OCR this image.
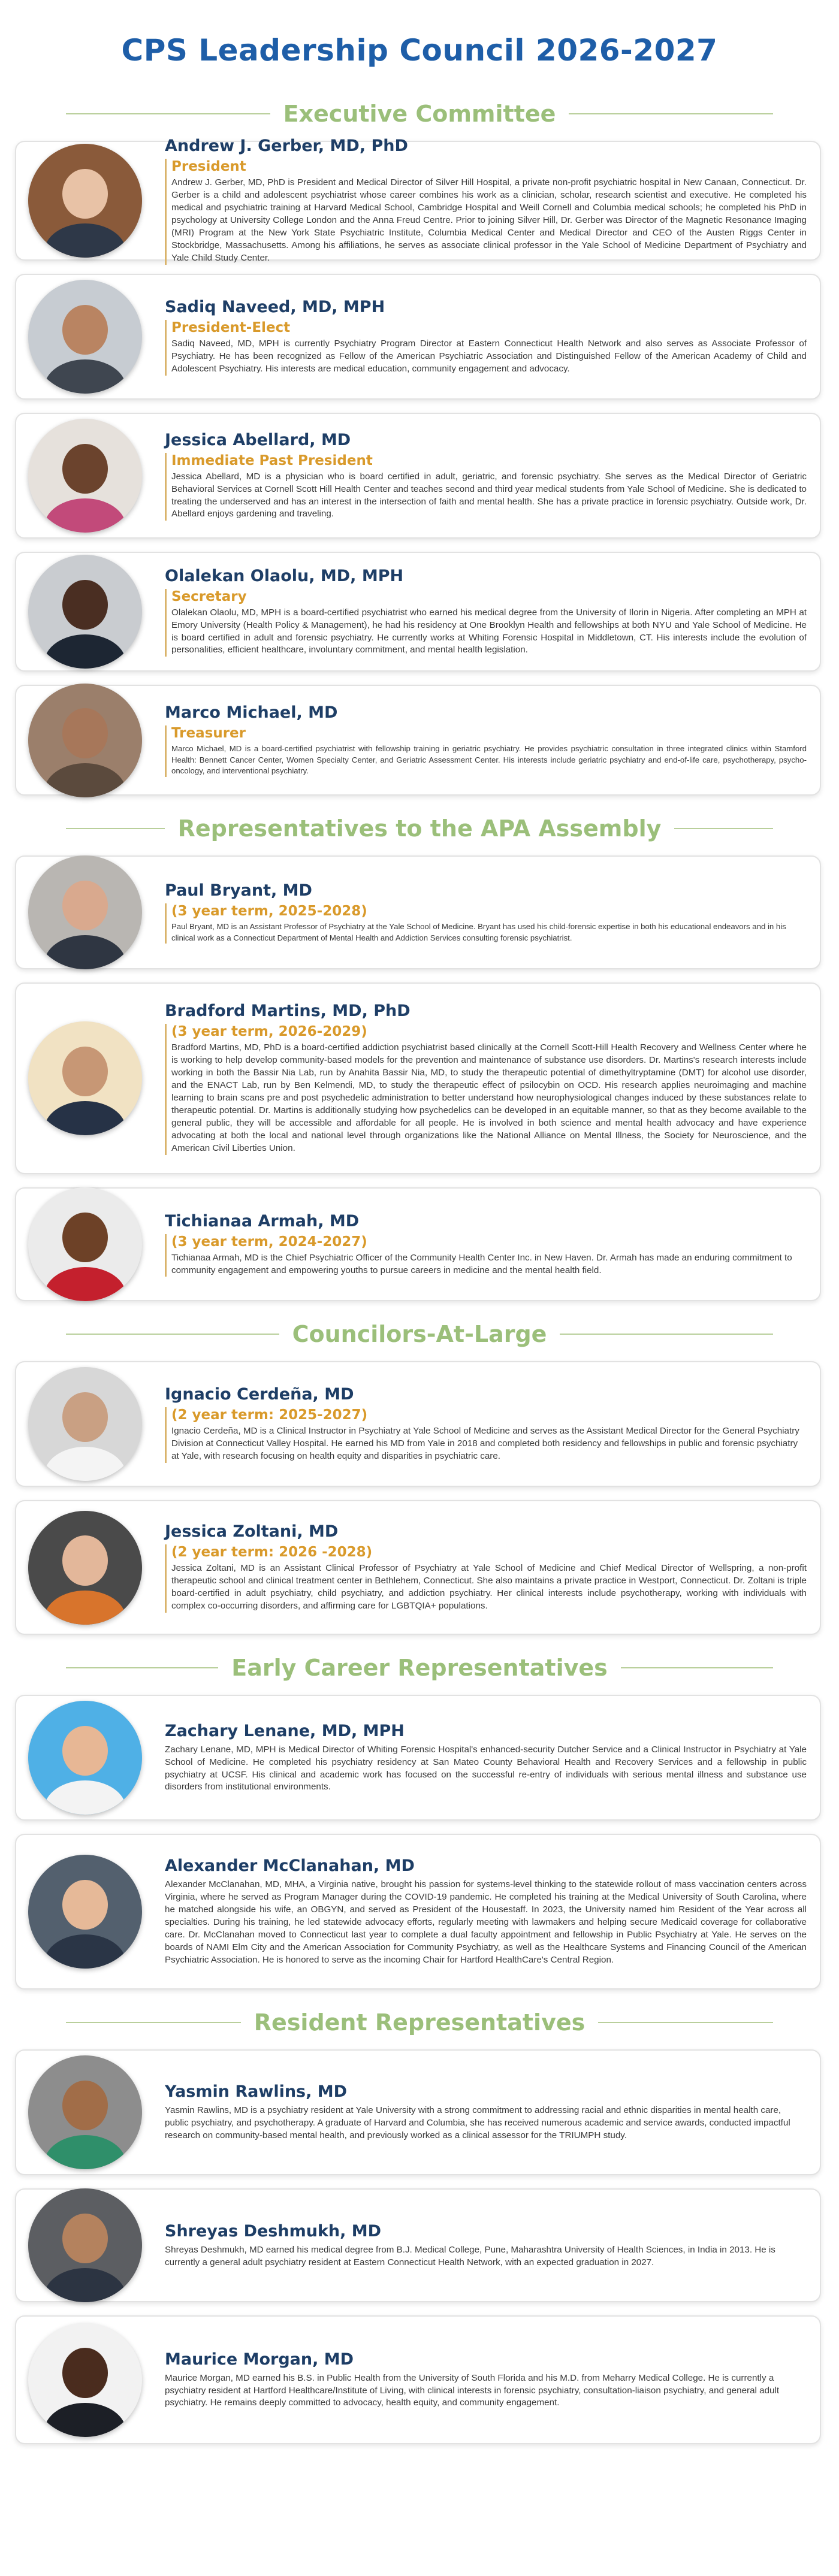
CPS Leadership Council 2026-2027
Executive Committee
Andrew J. Gerber, MD, PhD
President
Andrew J. Gerber, MD, PhD is President and Medical Director of Silver Hill Hospital, a private non-profit psychiatric hospital in New Canaan, Connecticut. Dr. Gerber is a child and adolescent psychiatrist whose career combines his work as a clinician, scholar, research scientist and executive. He completed his medical and psychiatric training at Harvard Medical School, Cambridge Hospital and Weill Cornell and Columbia medical schools; he completed his PhD in psychology at University College London and the Anna Freud Centre. Prior to joining Silver Hill, Dr. Gerber was Director of the Magnetic Resonance Imaging (MRI) Program at the New York State Psychiatric Institute, Columbia Medical Center and Medical Director and CEO of the Austen Riggs Center in Stockbridge, Massachusetts. Among his affiliations, he serves as associate clinical professor in the Yale School of Medicine Department of Psychiatry and Yale Child Study Center.
Sadiq Naveed, MD, MPH
President-Elect
Sadiq Naveed, MD, MPH is currently Psychiatry Program Director at Eastern Connecticut Health Network and also serves as Associate Professor of Psychiatry. He has been recognized as Fellow of the American Psychiatric Association and Distinguished Fellow of the American Academy of Child and Adolescent Psychiatry. His interests are medical education, community engagement and advocacy.
Jessica Abellard, MD
Immediate Past President
Jessica Abellard, MD is a physician who is board certified in adult, geriatric, and forensic psychiatry. She serves as the Medical Director of Geriatric Behavioral Services at Cornell Scott Hill Health Center and teaches second and third year medical students from Yale School of Medicine. She is dedicated to treating the underserved and has an interest in the intersection of faith and mental health. She has a private practice in forensic psychiatry. Outside work, Dr. Abellard enjoys gardening and traveling.
Olalekan Olaolu, MD, MPH
Secretary
Olalekan Olaolu, MD, MPH is a board-certified psychiatrist who earned his medical degree from the University of Ilorin in Nigeria. After completing an MPH at Emory University (Health Policy & Management), he had his residency at One Brooklyn Health and fellowships at both NYU and Yale School of Medicine. He is board certified in adult and forensic psychiatry. He currently works at Whiting Forensic Hospital in Middletown, CT. His interests include the evolution of personalities, efficient healthcare, involuntary commitment, and mental health legislation.
Marco Michael, MD
Treasurer
Marco Michael, MD is a board-certified psychiatrist with fellowship training in geriatric psychiatry. He provides psychiatric consultation in three integrated clinics within Stamford Health: Bennett Cancer Center, Women Specialty Center, and Geriatric Assessment Center. His interests include geriatric psychiatry and end-of-life care, psychotherapy, psycho-oncology, and interventional psychiatry.
Representatives to the APA Assembly
Paul Bryant, MD
(3 year term, 2025-2028)
Paul Bryant, MD is an Assistant Professor of Psychiatry at the Yale School of Medicine. Bryant has used his child-forensic expertise in both his educational endeavors and in his clinical work as a Connecticut Department of Mental Health and Addiction Services consulting forensic psychiatrist.
Bradford Martins, MD, PhD
(3 year term, 2026-2029)
Bradford Martins, MD, PhD is a board-certified addiction psychiatrist based clinically at the Cornell Scott-Hill Health Recovery and Wellness Center where he is working to help develop community-based models for the prevention and maintenance of substance use disorders. Dr. Martins's research interests include working in both the Bassir Nia Lab, run by Anahita Bassir Nia, MD, to study the therapeutic potential of dimethyltryptamine (DMT) for alcohol use disorder, and the ENACT Lab, run by Ben Kelmendi, MD, to study the therapeutic effect of psilocybin on OCD. His research applies neuroimaging and machine learning to brain scans pre and post psychedelic administration to better understand how neurophysiological changes induced by these substances relate to therapeutic potential. Dr. Martins is additionally studying how psychedelics can be developed in an equitable manner, so that as they become available to the general public, they will be accessible and affordable for all people. He is involved in both science and mental health advocacy and have experience advocating at both the local and national level through organizations like the National Alliance on Mental Illness, the Society for Neuroscience, and the American Civil Liberties Union.
Tichianaa Armah, MD
(3 year term, 2024-2027)
Tichianaa Armah, MD is the Chief Psychiatric Officer of the Community Health Center Inc. in New Haven. Dr. Armah has made an enduring commitment to community engagement and empowering youths to pursue careers in medicine and the mental health field.
Councilors-At-Large
Ignacio Cerdeña, MD
(2 year term: 2025-2027)
Ignacio Cerdeña, MD is a Clinical Instructor in Psychiatry at Yale School of Medicine and serves as the Assistant Medical Director for the General Psychiatry Division at Connecticut Valley Hospital. He earned his MD from Yale in 2018 and completed both residency and fellowships in public and forensic psychiatry at Yale, with research focusing on health equity and disparities in psychiatric care.
Jessica Zoltani, MD
(2 year term: 2026 -2028)
Jessica Zoltani, MD is an Assistant Clinical Professor of Psychiatry at Yale School of Medicine and Chief Medical Director of Wellspring, a non-profit therapeutic school and clinical treatment center in Bethlehem, Connecticut. She also maintains a private practice in Westport, Connecticut. Dr. Zoltani is triple board-certified in adult psychiatry, child psychiatry, and addiction psychiatry. Her clinical interests include psychotherapy, working with individuals with complex co-occurring disorders, and affirming care for LGBTQIA+ populations.
Early Career Representatives
Zachary Lenane, MD, MPH
Zachary Lenane, MD, MPH is Medical Director of Whiting Forensic Hospital's enhanced-security Dutcher Service and a Clinical Instructor in Psychiatry at Yale School of Medicine. He completed his psychiatry residency at San Mateo County Behavioral Health and Recovery Services and a fellowship in public psychiatry at UCSF. His clinical and academic work has focused on the successful re-entry of individuals with serious mental illness and substance use disorders from institutional environments.
Alexander McClanahan, MD
Alexander McClanahan, MD, MHA, a Virginia native, brought his passion for systems-level thinking to the statewide rollout of mass vaccination centers across Virginia, where he served as Program Manager during the COVID-19 pandemic. He completed his training at the Medical University of South Carolina, where he matched alongside his wife, an OBGYN, and served as President of the Housestaff. In 2023, the University named him Resident of the Year across all specialties. During his training, he led statewide advocacy efforts, regularly meeting with lawmakers and helping secure Medicaid coverage for collaborative care. Dr. McClanahan moved to Connecticut last year to complete a dual faculty appointment and fellowship in Public Psychiatry at Yale. He serves on the boards of NAMI Elm City and the American Association for Community Psychiatry, as well as the Healthcare Systems and Financing Council of the American Psychiatric Association. He is honored to serve as the incoming Chair for Hartford HealthCare's Central Region.
Resident Representatives
Yasmin Rawlins, MD
Yasmin Rawlins, MD is a psychiatry resident at Yale University with a strong commitment to addressing racial and ethnic disparities in mental health care, public psychiatry, and psychotherapy. A graduate of Harvard and Columbia, she has received numerous academic and service awards, conducted impactful research on community-based mental health, and previously worked as a clinical assessor for the TRIUMPH study.
Shreyas Deshmukh, MD
Shreyas Deshmukh, MD earned his medical degree from B.J. Medical College, Pune, Maharashtra University of Health Sciences, in India in 2013. He is currently a general adult psychiatry resident at Eastern Connecticut Health Network, with an expected graduation in 2027.
Maurice Morgan, MD
Maurice Morgan, MD earned his B.S. in Public Health from the University of South Florida and his M.D. from Meharry Medical College. He is currently a psychiatry resident at Hartford Healthcare/Institute of Living, with clinical interests in forensic psychiatry, consultation-liaison psychiatry, and general adult psychiatry. He remains deeply committed to advocacy, health equity, and community engagement.
